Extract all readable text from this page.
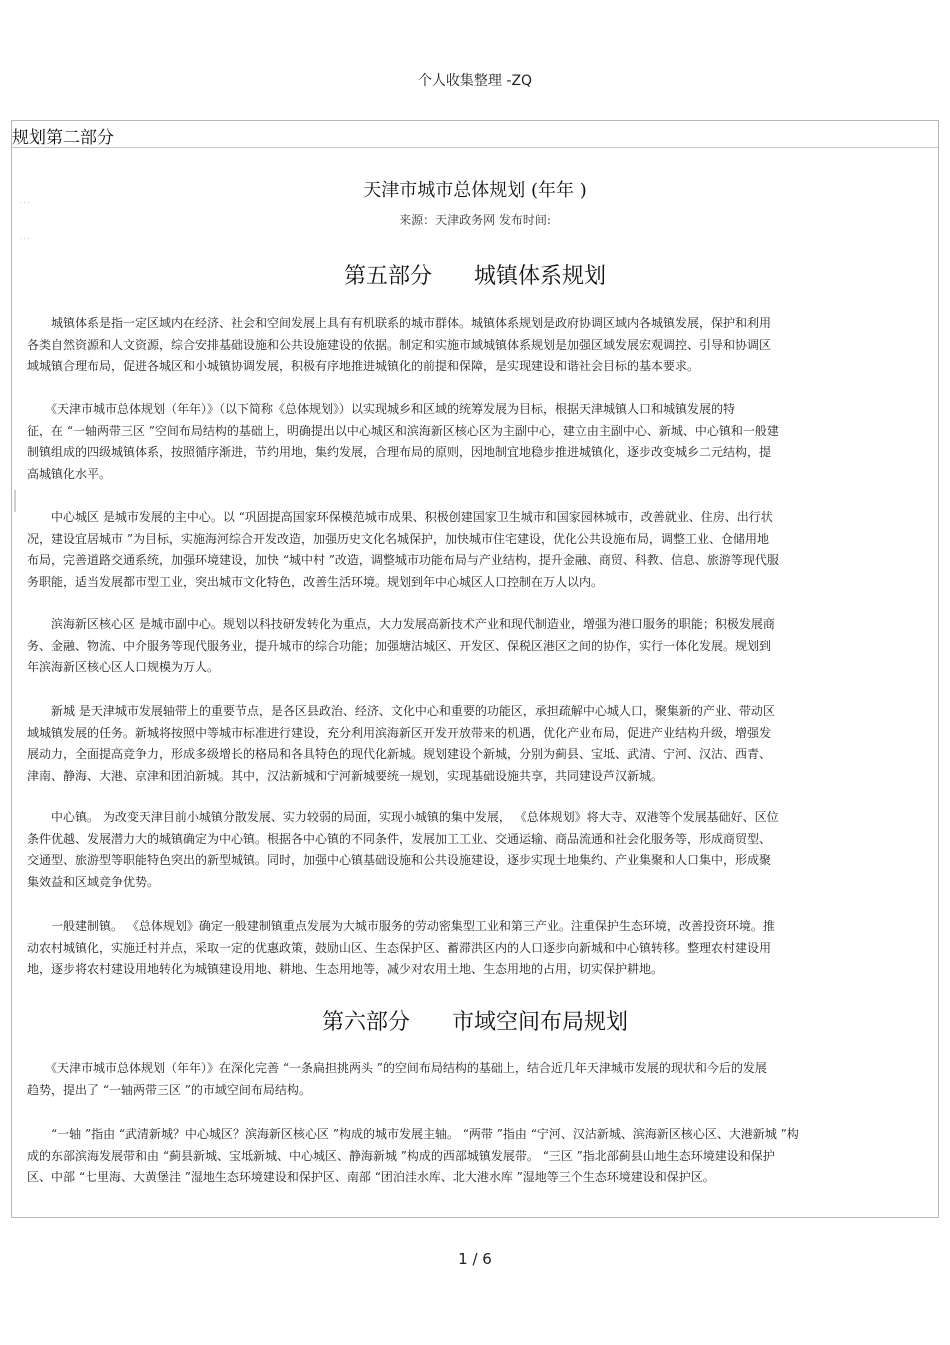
个人收集整理 -ZQ
规划第二部分
· · ·
· · ·
天津市城市总体规划 (年年 )
来源：天津政务网 发布时间:
第五部分      城镇体系规划
　　城镇体系是指一定区域内在经济、社会和空间发展上具有有机联系的城市群体。城镇体系规划是政府协调区域内各城镇发展，保护和利用
各类自然资源和人文资源，综合安排基础设施和公共设施建设的依据。制定和实施市域城镇体系规划是加强区域发展宏观调控、引导和协调区
域城镇合理布局，促进各城区和小城镇协调发展，积极有序地推进城镇化的前提和保障，是实现建设和谐社会目标的基本要求。
　　《天津市城市总体规划（年年）》（以下简称《总体规划》）以实现城乡和区域的统筹发展为目标，根据天津城镇人口和城镇发展的特
征，在 “一轴两带三区 ”空间布局结构的基础上，明确提出以中心城区和滨海新区核心区为主副中心，建立由主副中心、新城、中心镇和一般建
制镇组成的四级城镇体系，按照循序渐进，节约用地，集约发展，合理布局的原则，因地制宜地稳步推进城镇化，逐步改变城乡二元结构，提
高城镇化水平。
　　中心城区 是城市发展的主中心。以 “巩固提高国家环保模范城市成果、积极创建国家卫生城市和国家园林城市，改善就业、住房、出行状
况，建设宜居城市 ”为目标，实施海河综合开发改造，加强历史文化名城保护，加快城市住宅建设，优化公共设施布局，调整工业、仓储用地
布局，完善道路交通系统，加强环境建设，加快 “城中村 ”改造，调整城市功能布局与产业结构，提升金融、商贸、科教、信息、旅游等现代服
务职能，适当发展都市型工业，突出城市文化特色，改善生活环境。规划到年中心城区人口控制在万人以内。
　　滨海新区核心区 是城市副中心。规划以科技研发转化为重点，大力发展高新技术产业和现代制造业，增强为港口服务的职能；积极发展商
务、金融、物流、中介服务等现代服务业，提升城市的综合功能；加强塘沽城区、开发区、保税区港区之间的协作，实行一体化发展。规划到
年滨海新区核心区人口规模为万人。
　　新城 是天津城市发展轴带上的重要节点，是各区县政治、经济、文化中心和重要的功能区，承担疏解中心城人口，聚集新的产业、带动区
域城镇发展的任务。新城将按照中等城市标准进行建设，充分利用滨海新区开发开放带来的机遇，优化产业布局，促进产业结构升级，增强发
展动力，全面提高竞争力，形成多级增长的格局和各具特色的现代化新城。规划建设个新城，分别为蓟县、宝坻、武清、宁河、汉沽、西青、
津南、静海、大港、京津和团泊新城。其中，汉沽新城和宁河新城要统一规划，实现基础设施共享，共同建设芦汉新城。
　　中心镇。 为改变天津目前小城镇分散发展、实力较弱的局面，实现小城镇的集中发展， 《总体规划》将大寺、双港等个发展基础好、区位
条件优越、发展潜力大的城镇确定为中心镇。根据各中心镇的不同条件，发展加工工业、交通运输、商品流通和社会化服务等，形成商贸型、
交通型、旅游型等职能特色突出的新型城镇。同时，加强中心镇基础设施和公共设施建设，逐步实现土地集约、产业集聚和人口集中，形成聚
集效益和区域竞争优势。
　　一般建制镇。 《总体规划》确定一般建制镇重点发展为大城市服务的劳动密集型工业和第三产业。注重保护生态环境，改善投资环境。推
动农村城镇化，实施迁村并点，采取一定的优惠政策，鼓励山区、生态保护区、蓄滞洪区内的人口逐步向新城和中心镇转移。整理农村建设用
地，逐步将农村建设用地转化为城镇建设用地、耕地、生态用地等，减少对农用土地、生态用地的占用，切实保护耕地。
第六部分      市域空间布局规划
　　《天津市城市总体规划（年年）》在深化完善 “一条扁担挑两头 ”的空间布局结构的基础上，结合近几年天津城市发展的现状和今后的发展
趋势，提出了 “一轴两带三区 ”的市域空间布局结构。
　　“一轴 ”指由 “武清新城？中心城区？滨海新区核心区 ”构成的城市发展主轴。 “两带 ”指由 “宁河、汉沽新城、滨海新区核心区、大港新城 ”构
成的东部滨海发展带和由 “蓟县新城、宝坻新城、中心城区、静海新城 ”构成的西部城镇发展带。 “三区 ”指北部蓟县山地生态环境建设和保护
区、中部 “七里海、大黄堡洼 ”湿地生态环境建设和保护区、南部 “团泊洼水库、北大港水库 ”湿地等三个生态环境建设和保护区。
1 / 6
